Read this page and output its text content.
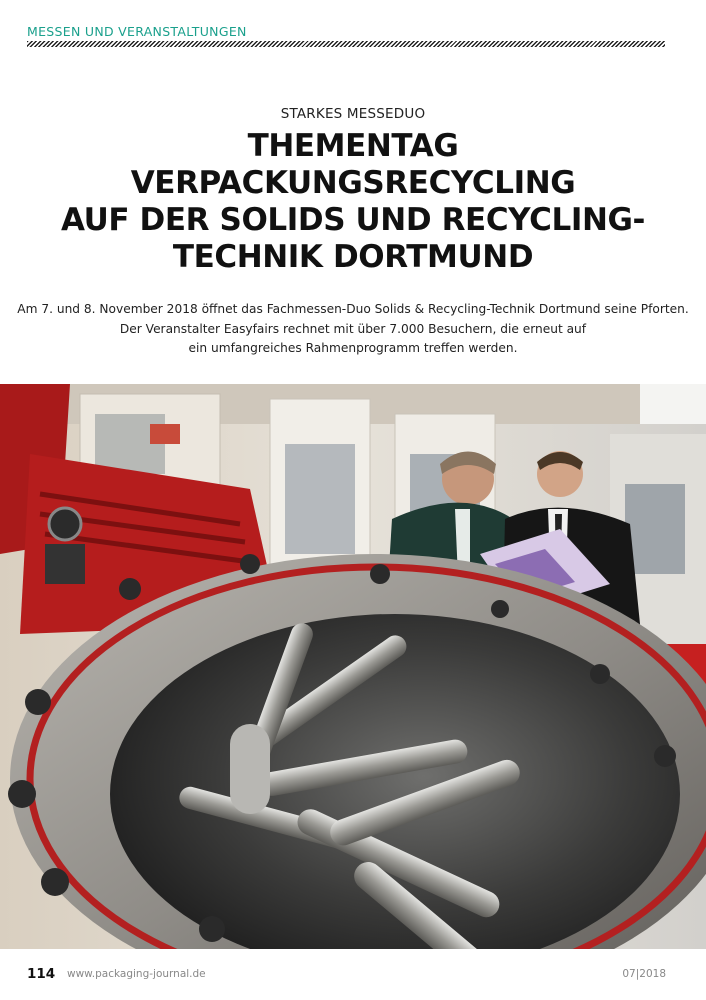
MESSEN UND VERANSTALTUNGEN
STARKES MESSEDUO
THEMENTAG
VERPACKUNGSRECYCLING
AUF DER SOLIDS UND RECYCLING-
TECHNIK DORTMUND

Am 7. und 8. November 2018 öffnet das Fachmessen-Duo Solids & Recycling-Technik Dortmund seine Pforten.
Der Veranstalter Easyfairs rechnet mit über 7.000 Besuchern, die erneut auf
ein umfangreiches Rahmenprogramm treffen werden.

114 www.packaging-journal.de	07|2018
